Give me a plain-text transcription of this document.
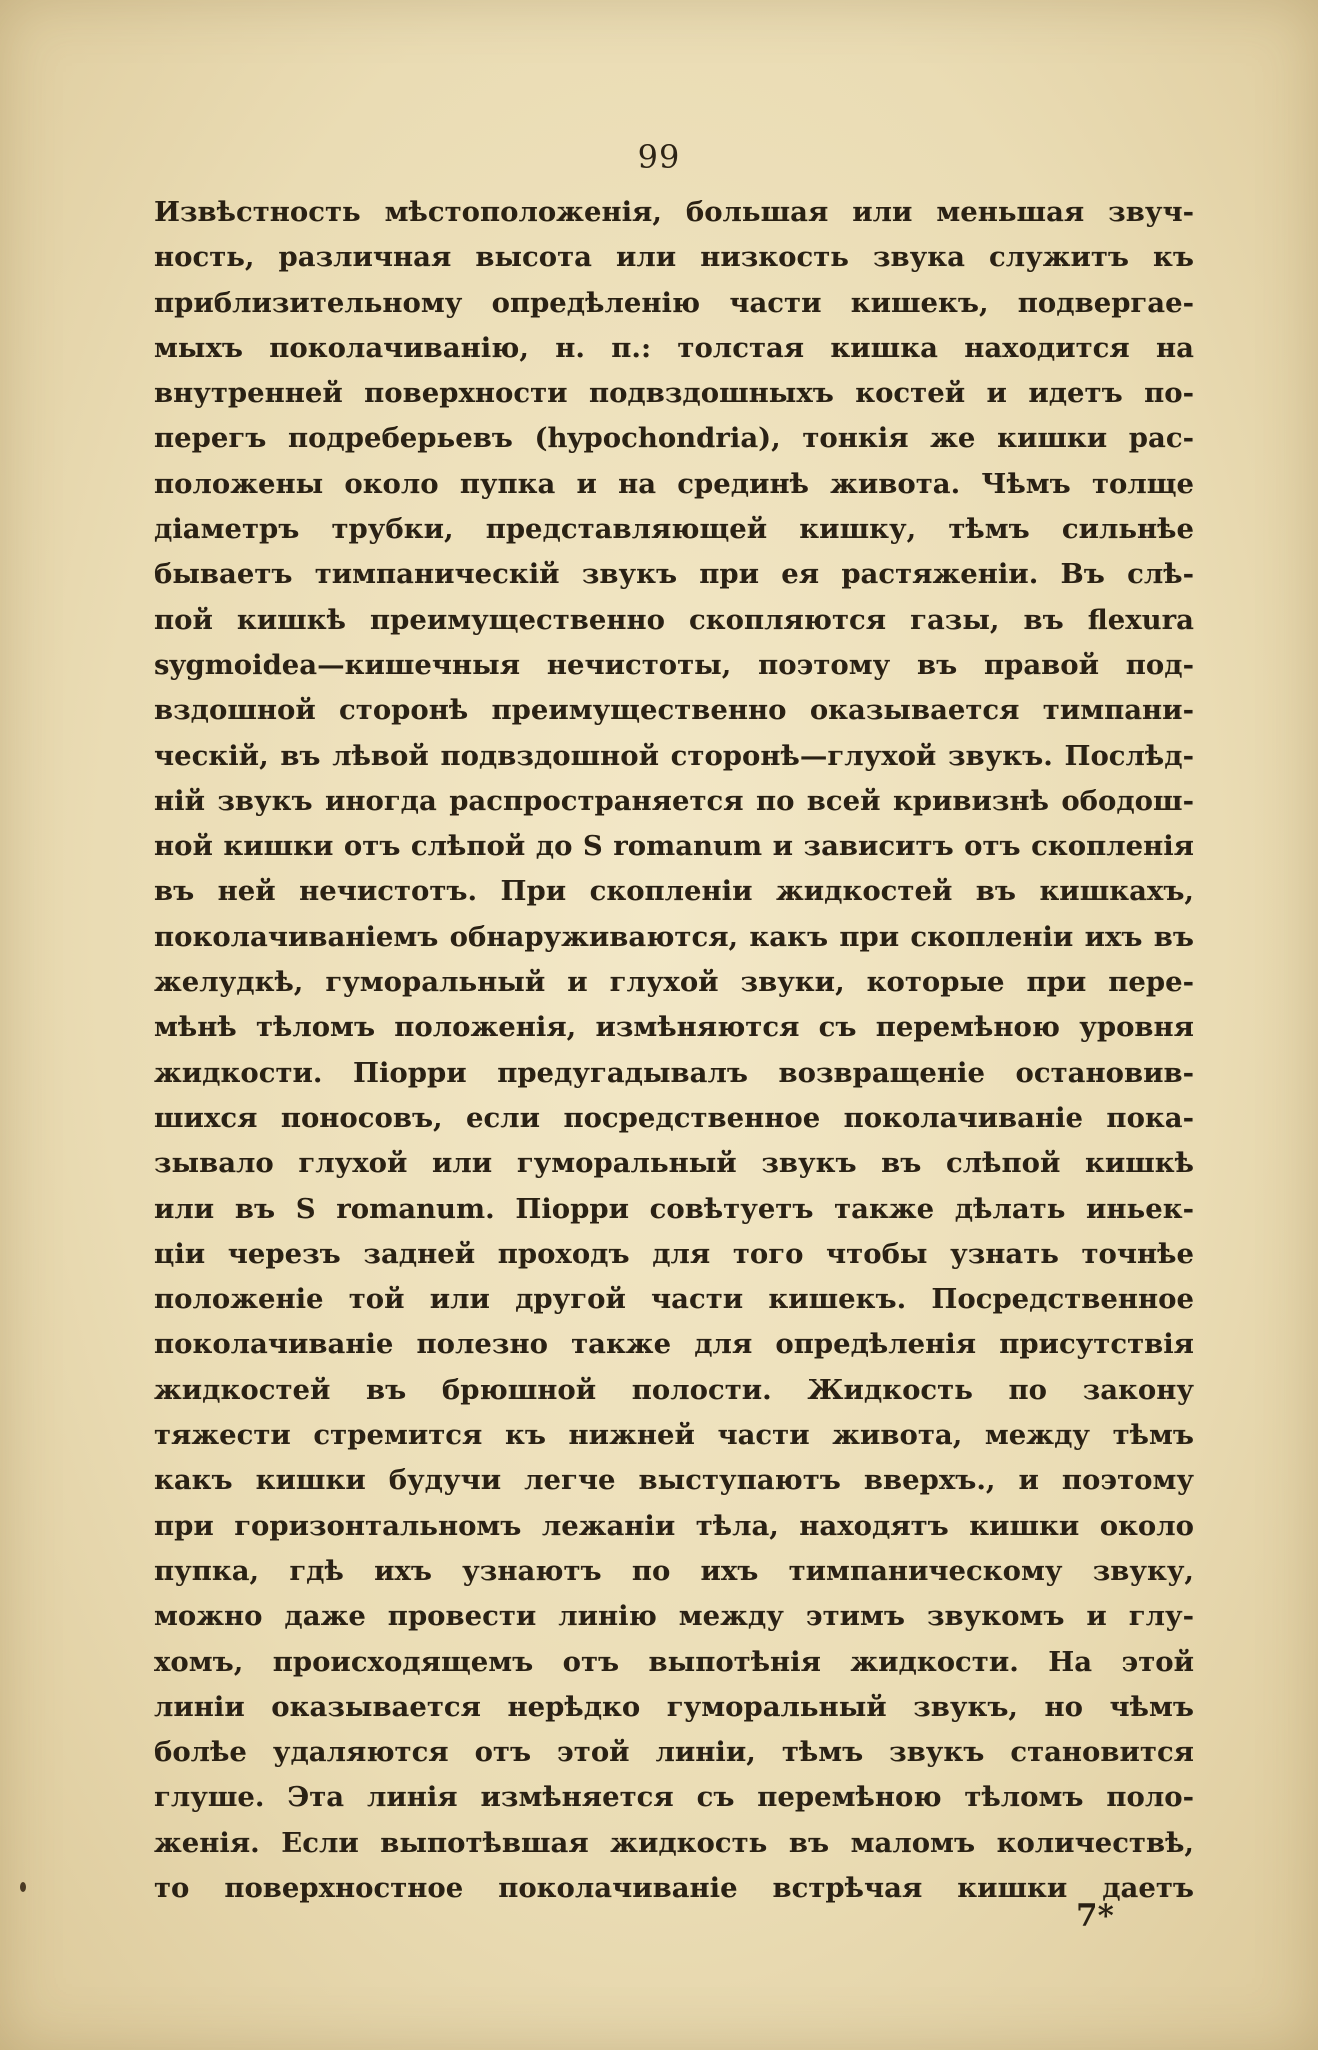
99
Извѣстность мѣстоположенія, большая или меньшая звуч-
ность, различная высота или низкость звука служитъ къ
приблизительному опредѣленію части кишекъ, подвергае-
мыхъ поколачиванію, н. п.: толстая кишка находится на
внутренней поверхности подвздошныхъ костей и идетъ по-
перегъ подреберьевъ (hypochondria), тонкія же кишки рас-
положены около пупка и на срединѣ живота. Чѣмъ толще
діаметръ трубки, представляющей кишку, тѣмъ сильнѣе
бываетъ тимпаническій звукъ при ея растяженіи. Въ слѣ-
пой кишкѣ преимущественно скопляются газы, въ flexura
sygmoidea—кишечныя нечистоты, поэтому въ правой под-
вздошной сторонѣ преимущественно оказывается тимпани-
ческій, въ лѣвой подвздошной сторонѣ—глухой звукъ. Послѣд-
ній звукъ иногда распространяется по всей кривизнѣ ободош-
ной кишки отъ слѣпой до S romanum и зависитъ отъ скопленія
въ ней нечистотъ. При скопленіи жидкостей въ кишкахъ,
поколачиваніемъ обнаруживаются, какъ при скопленіи ихъ въ
желудкѣ, гуморальный и глухой звуки, которые при пере-
мѣнѣ тѣломъ положенія, измѣняются съ перемѣною уровня
жидкости. Піорри предугадывалъ возвращеніе остановив-
шихся поносовъ, если посредственное поколачиваніе пока-
зывало глухой или гуморальный звукъ въ слѣпой кишкѣ
или въ S romanum. Піорри совѣтуетъ также дѣлать иньек-
ціи черезъ задней проходъ для того чтобы узнать точнѣе
положеніе той или другой части кишекъ. Посредственное
поколачиваніе полезно также для опредѣленія присутствія
жидкостей въ брюшной полости. Жидкость по закону
тяжести стремится къ нижней части живота, между тѣмъ
какъ кишки будучи легче выступаютъ вверхъ., и поэтому
при горизонтальномъ лежаніи тѣла, находятъ кишки около
пупка, гдѣ ихъ узнаютъ по ихъ тимпаническому звуку,
можно даже провести линію между этимъ звукомъ и глу-
хомъ, происходящемъ отъ выпотѣнія жидкости. На этой
линіи оказывается нерѣдко гуморальный звукъ, но чѣмъ
болѣе удаляются отъ этой линіи, тѣмъ звукъ становится
глуше. Эта линія измѣняется съ перемѣною тѣломъ поло-
женія. Если выпотѣвшая жидкость въ маломъ количествѣ,
то поверхностное поколачиваніе встрѣчая кишки даетъ
7*
